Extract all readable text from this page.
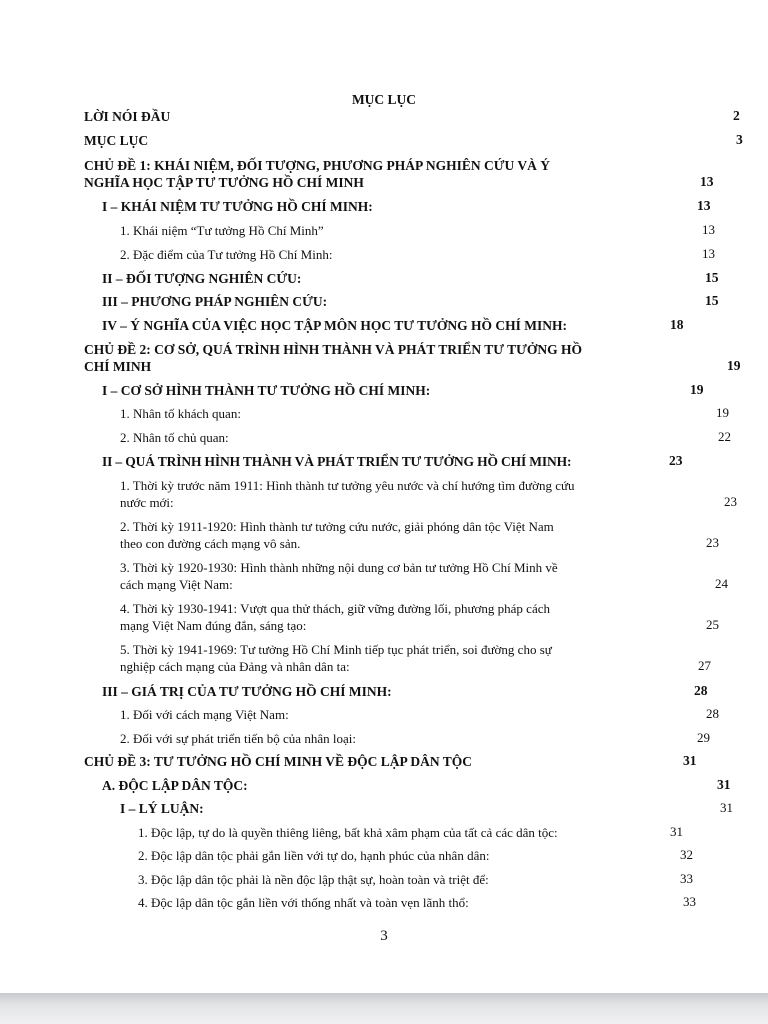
MỤC LỤC
LỜI NÓI ĐẦU	2
MỤC LỤC	3
CHỦ ĐỀ 1: KHÁI NIỆM, ĐỐI TƯỢNG, PHƯƠNG PHÁP NGHIÊN CỨU VÀ Ý
NGHĨA HỌC TẬP TƯ TƯỞNG HỒ CHÍ MINH	13
I – KHÁI NIỆM TƯ TƯỞNG HỒ CHÍ MINH:	13
1. Khái niệm “Tư tưởng Hồ Chí Minh”	13
2. Đặc điểm của Tư tưởng Hồ Chí Minh:	13
II – ĐỐI TƯỢNG NGHIÊN CỨU:	15
III – PHƯƠNG PHÁP NGHIÊN CỨU:	15
IV – Ý NGHĨA CỦA VIỆC HỌC TẬP MÔN HỌC TƯ TƯỞNG HỒ CHÍ MINH:	18
CHỦ ĐỀ 2: CƠ SỞ, QUÁ TRÌNH HÌNH THÀNH VÀ PHÁT TRIỂN TƯ TƯỞNG HỒ
CHÍ MINH	19
I – CƠ SỞ HÌNH THÀNH TƯ TƯỞNG HỒ CHÍ MINH:	19
1. Nhân tố khách quan:	19
2. Nhân tố chủ quan:	22
II – QUÁ TRÌNH HÌNH THÀNH VÀ PHÁT TRIỂN TƯ TƯỞNG HỒ CHÍ MINH:	23
1. Thời kỳ trước năm 1911: Hình thành tư tưởng yêu nước và chí hướng tìm đường cứu
nước mới:	23
2. Thời kỳ 1911-1920: Hình thành tư tưởng cứu nước, giải phóng dân tộc Việt Nam
theo con đường cách mạng vô sản.	23
3. Thời kỳ 1920-1930: Hình thành những nội dung cơ bản tư tưởng Hồ Chí Minh về
cách mạng Việt Nam:	24
4. Thời kỳ 1930-1941: Vượt qua thử thách, giữ vững đường lối, phương pháp cách
mạng Việt Nam đúng đắn, sáng tạo:	25
5. Thời kỳ 1941-1969: Tư tưởng Hồ Chí Minh tiếp tục phát triển, soi đường cho sự
nghiệp cách mạng của Đảng và nhân dân ta:	27
III – GIÁ TRỊ CỦA TƯ TƯỞNG HỒ CHÍ MINH:	28
1. Đối với cách mạng Việt Nam:	28
2. Đối với sự phát triển tiến bộ của nhân loại:	29
CHỦ ĐỀ 3: TƯ TƯỞNG HỒ CHÍ MINH VỀ ĐỘC LẬP DÂN TỘC	31
A. ĐỘC LẬP DÂN TỘC:	31
I – LÝ LUẬN:	31
1. Độc lập, tự do là quyền thiêng liêng, bất khả xâm phạm của tất cả các dân tộc:	31
2. Độc lập dân tộc phải gắn liền với tự do, hạnh phúc của nhân dân:	32
3. Độc lập dân tộc phải là nền độc lập thật sự, hoàn toàn và triệt để:	33
4. Độc lập dân tộc gắn liền với thống nhất và toàn vẹn lãnh thổ:	33
3
